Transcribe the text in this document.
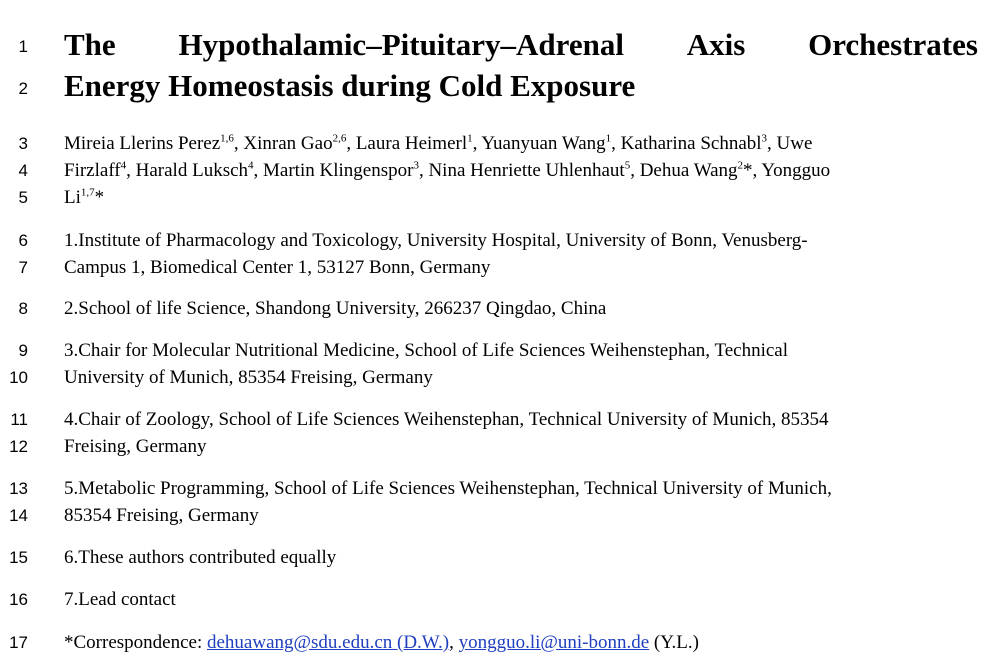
1
2
3
4
5
6
7
8
9
10
11
12
13
14
15
16
17
The Hypothalamic–Pituitary–Adrenal Axis Orchestrates
Energy Homeostasis during Cold Exposure
Mireia Llerins Perez$^{1,6}$, Xinran Gao$^{2,6}$, Laura Heimerl$^1$, Yuanyuan Wang$^1$, Katharina Schnabl$^3$, Uwe
Firzlaff$^4$, Harald Luksch$^4$, Martin Klingenspor$^3$, Nina Henriette Uhlenhaut$^5$, Dehua Wang$^2$*, Yongguo
Li$^{1,7}$*
1.Institute of Pharmacology and Toxicology, University Hospital, University of Bonn, Venusberg-
Campus 1, Biomedical Center 1, 53127 Bonn, Germany
2.School of life Science, Shandong University, 266237 Qingdao, China
3.Chair for Molecular Nutritional Medicine, School of Life Sciences Weihenstephan, Technical
University of Munich, 85354 Freising, Germany
4.Chair of Zoology, School of Life Sciences Weihenstephan, Technical University of Munich, 85354
Freising, Germany
5.Metabolic Programming, School of Life Sciences Weihenstephan, Technical University of Munich,
85354 Freising, Germany
6.These authors contributed equally
7.Lead contact
*Correspondence: dehuawang@sdu.edu.cn (D.W.), yongguo.li@uni-bonn.de (Y.L.)
